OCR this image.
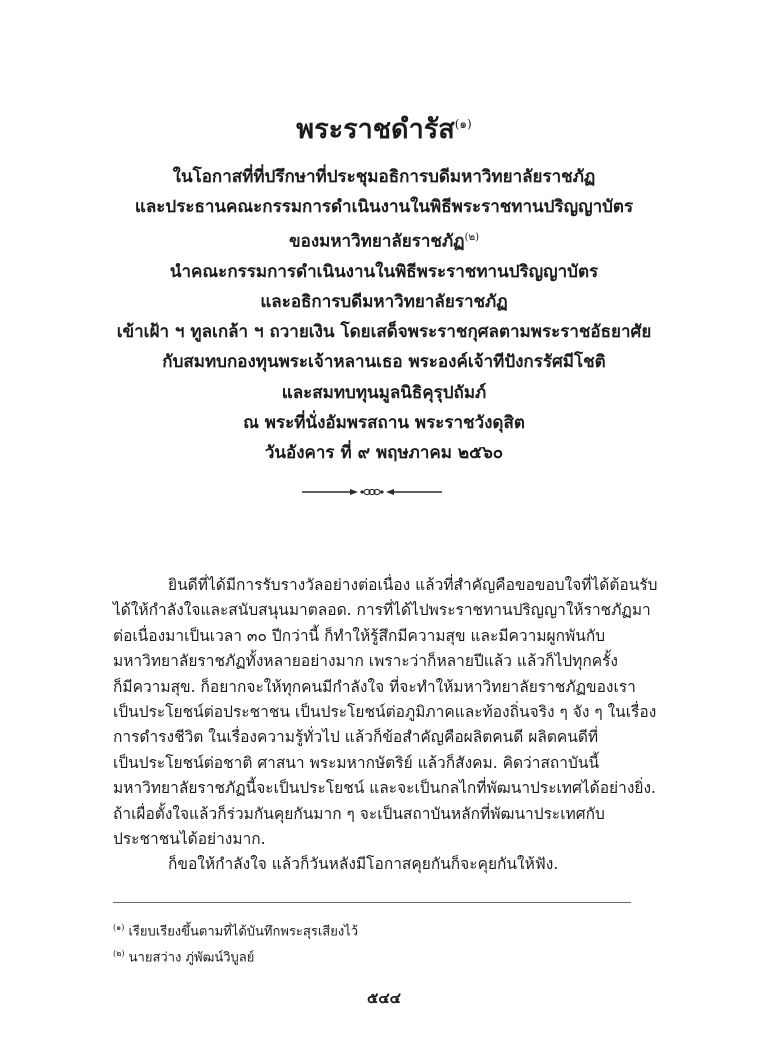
พระราชดำรัส$^{(๑)}$
ในโอกาสที่ที่ปรึกษาที่ประชุมอธิการบดีมหาวิทยาลัยราชภัฏ
และประธานคณะกรรมการดำเนินงานในพิธีพระราชทานปริญญาบัตร
ของมหาวิทยาลัยราชภัฏ$^{(๒)}$
นำคณะกรรมการดำเนินงานในพิธีพระราชทานปริญญาบัตร
และอธิการบดีมหาวิทยาลัยราชภัฏ
เข้าเฝ้า ฯ ทูลเกล้า ฯ ถวายเงิน โดยเสด็จพระราชกุศลตามพระราชอัธยาศัย
กับสมทบกองทุนพระเจ้าหลานเธอ พระองค์เจ้าทีปังกรรัศมีโชติ
และสมทบทุนมูลนิธิคุรุปถัมภ์
ณ พระที่นั่งอัมพรสถาน พระราชวังดุสิต
วันอังคาร ที่ ๙ พฤษภาคม ๒๕๖๐
ยินดีที่ได้มีการรับรางวัลอย่างต่อเนื่อง แล้วที่สำคัญคือขอขอบใจที่ได้ต้อนรับ
ได้ให้กำลังใจและสนับสนุนมาตลอด. การที่ได้ไปพระราชทานปริญญาให้ราชภัฏมา
ต่อเนื่องมาเป็นเวลา ๓๐ ปีกว่านี้ ก็ทำให้รู้สึกมีความสุข และมีความผูกพันกับ
มหาวิทยาลัยราชภัฏทั้งหลายอย่างมาก เพราะว่าก็หลายปีแล้ว แล้วก็ไปทุกครั้ง
ก็มีความสุข. ก็อยากจะให้ทุกคนมีกำลังใจ ที่จะทำให้มหาวิทยาลัยราชภัฏของเรา
เป็นประโยชน์ต่อประชาชน เป็นประโยชน์ต่อภูมิภาคและท้องถิ่นจริง ๆ จัง ๆ ในเรื่อง
การดำรงชีวิต ในเรื่องความรู้ทั่วไป แล้วก็ข้อสำคัญคือผลิตคนดี ผลิตคนดีที่
เป็นประโยชน์ต่อชาติ ศาสนา พระมหากษัตริย์ แล้วก็สังคม. คิดว่าสถาบันนี้
มหาวิทยาลัยราชภัฏนี้จะเป็นประโยชน์ และจะเป็นกลไกที่พัฒนาประเทศได้อย่างยิ่ง.
ถ้าเผื่อตั้งใจแล้วก็ร่วมกันคุยกันมาก ๆ จะเป็นสถาบันหลักที่พัฒนาประเทศกับ
ประชาชนได้อย่างมาก.
ก็ขอให้กำลังใจ แล้วก็วันหลังมีโอกาสคุยกันก็จะคุยกันให้ฟัง.
$^{(๑)}$ เรียบเรียงขึ้นตามที่ได้บันทึกพระสุรเสียงไว้
$^{(๒)}$ นายสว่าง ภู่พัฒน์วิบูลย์
๕๔๔
